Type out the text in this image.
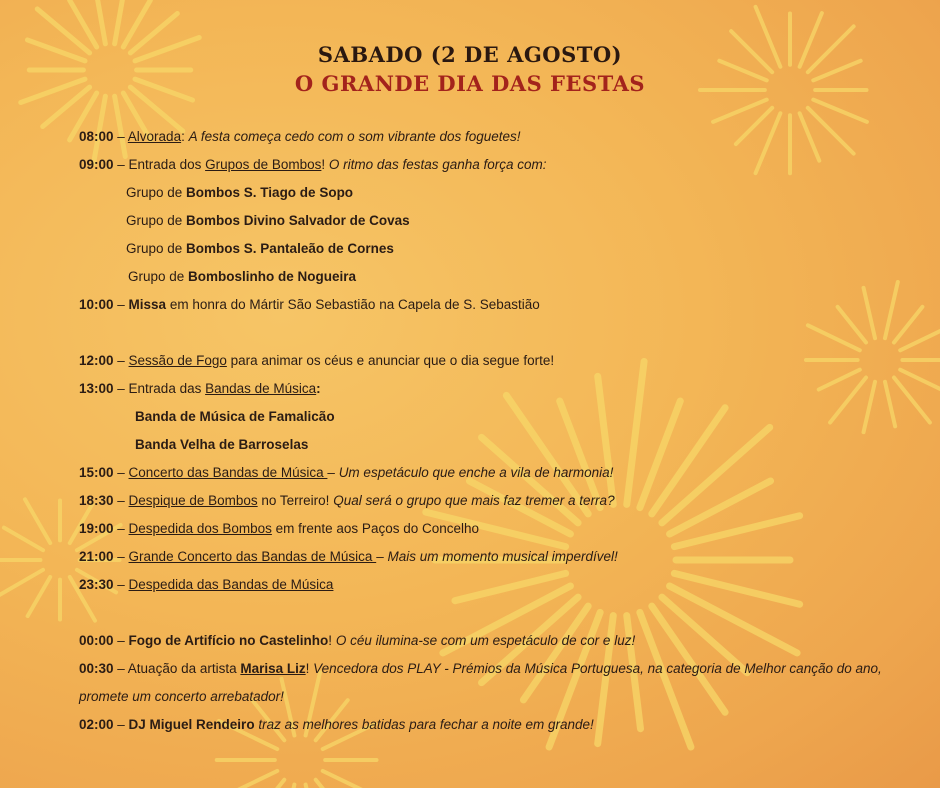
SABADO (2 DE AGOSTO)
O GRANDE DIA DAS FESTAS
08:00 – Alvorada: A festa começa cedo com o som vibrante dos foguetes!
09:00 – Entrada dos Grupos de Bombos! O ritmo das festas ganha força com:
Grupo de Bombos S. Tiago de Sopo
Grupo de Bombos Divino Salvador de Covas
Grupo de Bombos S. Pantaleão de Cornes
Grupo de Bomboslinho de Nogueira
10:00 – Missa em honra do Mártir São Sebastião na Capela de S. Sebastião
12:00 – Sessão de Fogo para animar os céus e anunciar que o dia segue forte!
13:00 – Entrada das Bandas de Música:
Banda de Música de Famalicão
Banda Velha de Barroselas
15:00 – Concerto das Bandas de Música – Um espetáculo que enche a vila de harmonia!
18:30 – Despique de Bombos no Terreiro! Qual será o grupo que mais faz tremer a terra?
19:00 – Despedida dos Bombos em frente aos Paços do Concelho
21:00 – Grande Concerto das Bandas de Música – Mais um momento musical imperdível!
23:30 – Despedida das Bandas de Música
00:00 – Fogo de Artifício no Castelinho! O céu ilumina-se com um espetáculo de cor e luz!
00:30 – Atuação da artista Marisa Liz! Vencedora dos PLAY - Prémios da Música Portuguesa, na categoria de Melhor canção do ano,
promete um concerto arrebatador!
02:00 – DJ Miguel Rendeiro traz as melhores batidas para fechar a noite em grande!
